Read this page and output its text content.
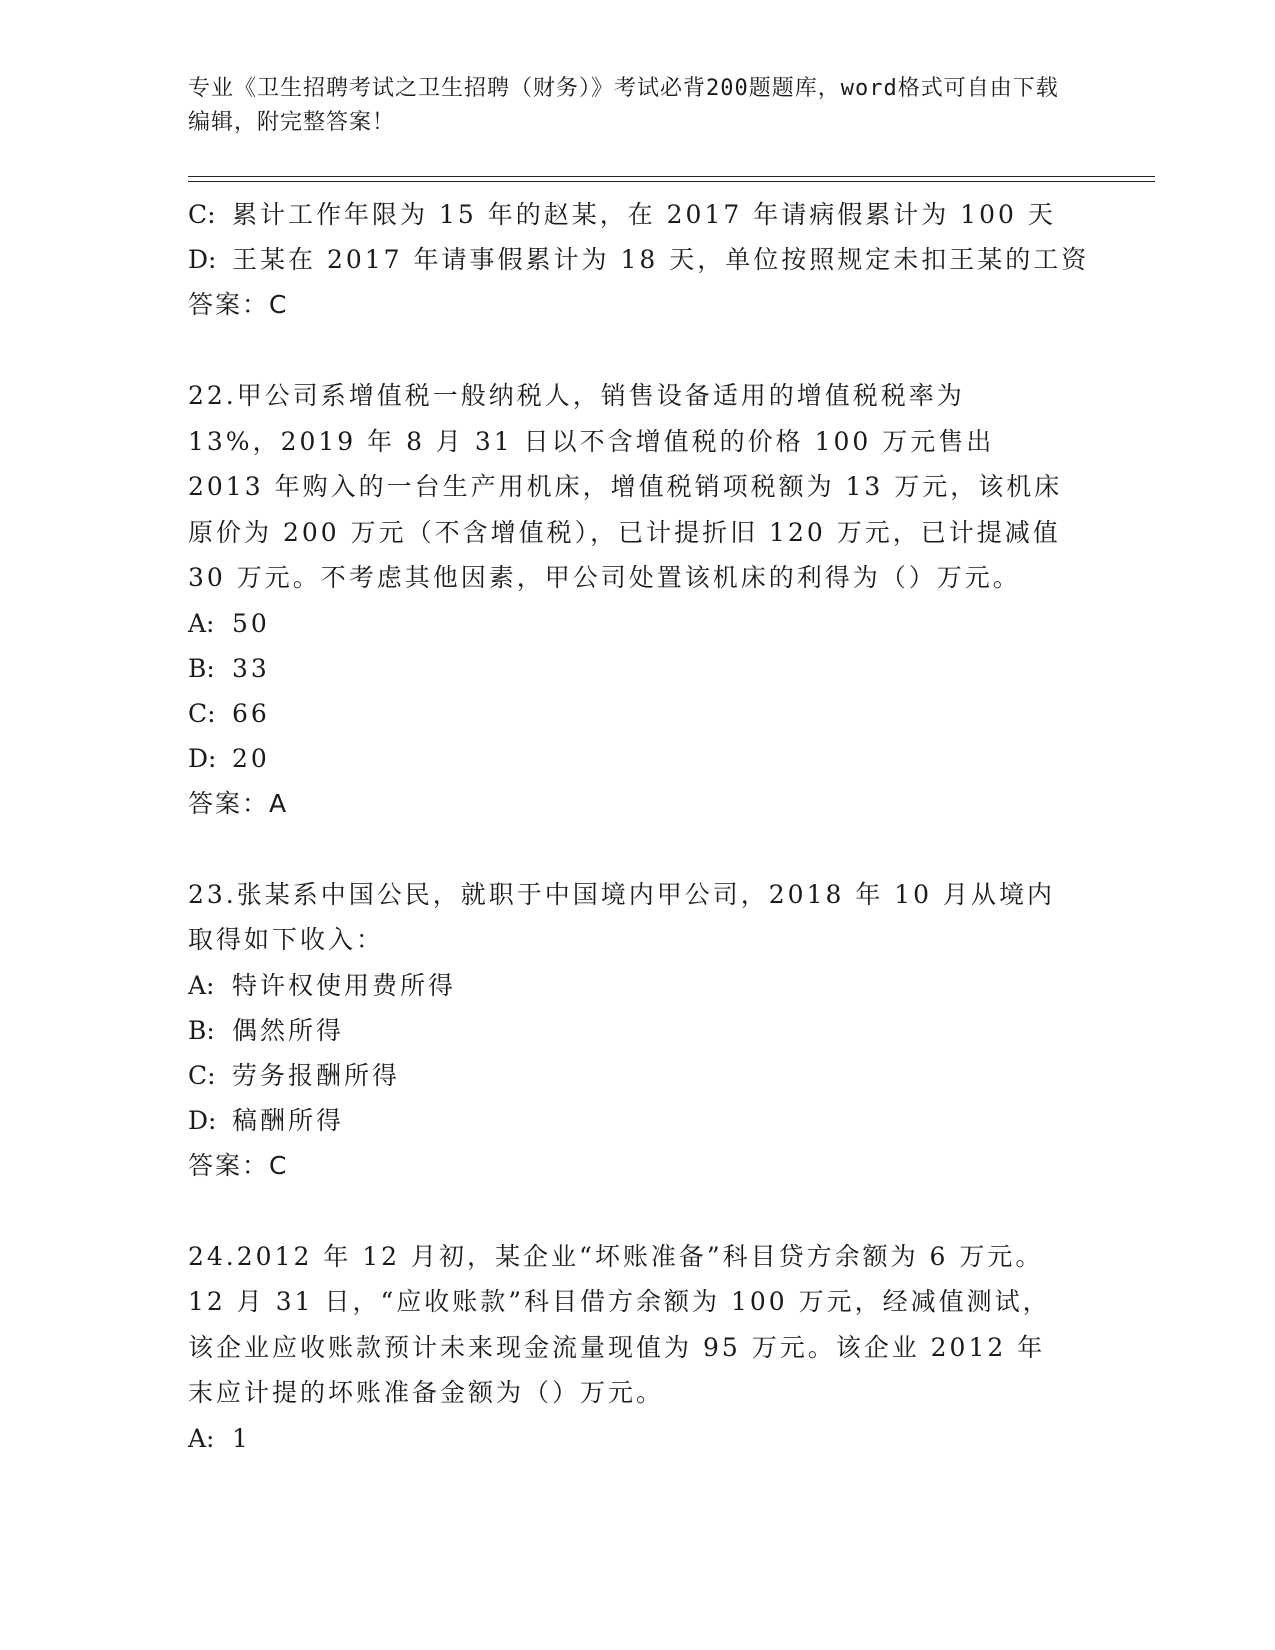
专业《卫生招聘考试之卫生招聘（财务）》考试必背200题题库，word格式可自由下载编辑，附完整答案！
C: 累计工作年限为 15 年的赵某，在 2017 年请病假累计为 100 天
D: 王某在 2017 年请事假累计为 18 天，单位按照规定未扣王某的工资
答案：C
22.甲公司系增值税一般纳税人，销售设备适用的增值税税率为 13%，2019 年 8 月 31 日以不含增值税的价格 100 万元售出 2013 年购入的一台生产用机床，增值税销项税额为 13 万元，该机床原价为 200 万元（不含增值税），已计提折旧 120 万元，已计提减值 30 万元。不考虑其他因素，甲公司处置该机床的利得为（）万元。
A: 50
B: 33
C: 66
D: 20
答案：A
23.张某系中国公民，就职于中国境内甲公司，2018 年 10 月从境内取得如下收入：
A: 特许权使用费所得
B: 偶然所得
C: 劳务报酬所得
D: 稿酬所得
答案：C
24.2012 年 12 月初，某企业“坏账准备”科目贷方余额为 6 万元。12 月 31 日，“应收账款”科目借方余额为 100 万元，经减值测试，该企业应收账款预计未来现金流量现值为 95 万元。该企业 2012 年末应计提的坏账准备金额为（）万元。
A: 1
